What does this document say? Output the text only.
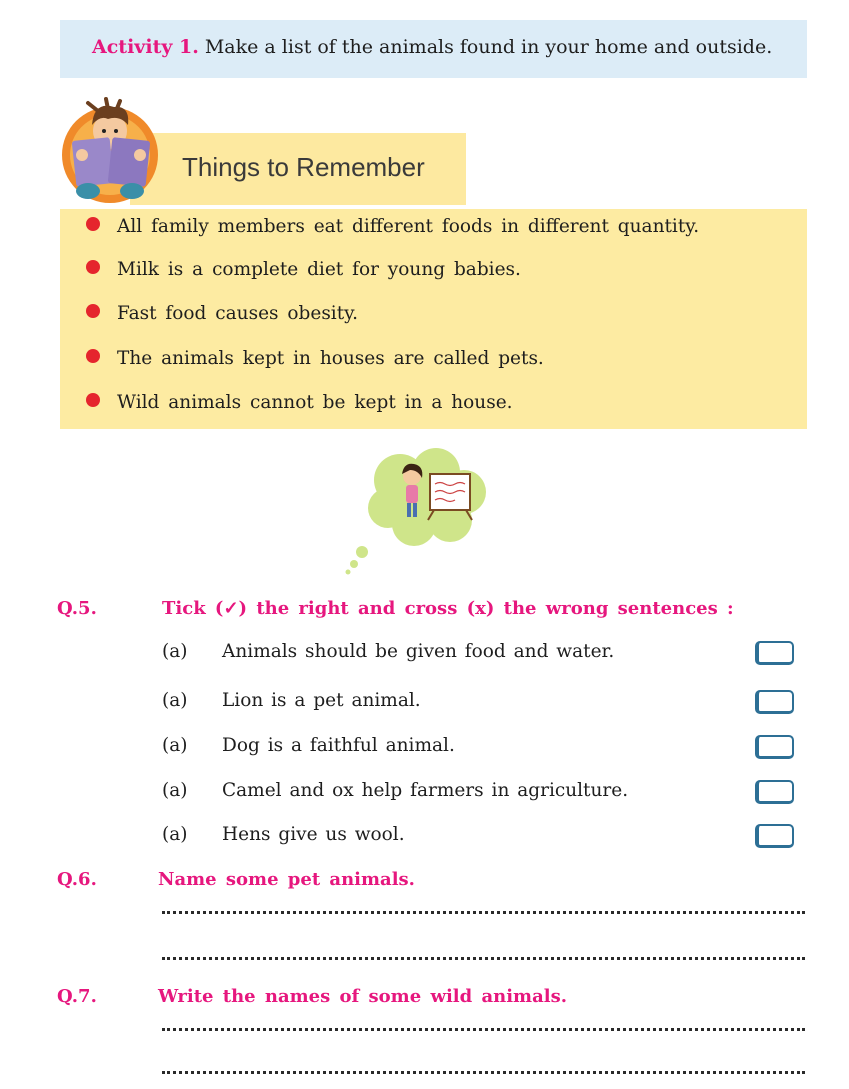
Activity 1. Make a list of the animals found in your home and outside.
Things to Remember
All family members eat different foods in different quantity.
Milk is a complete diet for young babies.
Fast food causes obesity.
The animals kept in houses are called pets.
Wild animals cannot be kept in a house.
Q.5.	Tick (✓) the right and cross (x) the wrong sentences :
(a) Animals should be given food and water.
(a) Lion is a pet animal.
(a) Dog is a faithful animal.
(a) Camel and ox help farmers in agriculture.
(a) Hens give us wool.
Q.6.	Name some pet animals.
Q.7.	Write the names of some wild animals.
